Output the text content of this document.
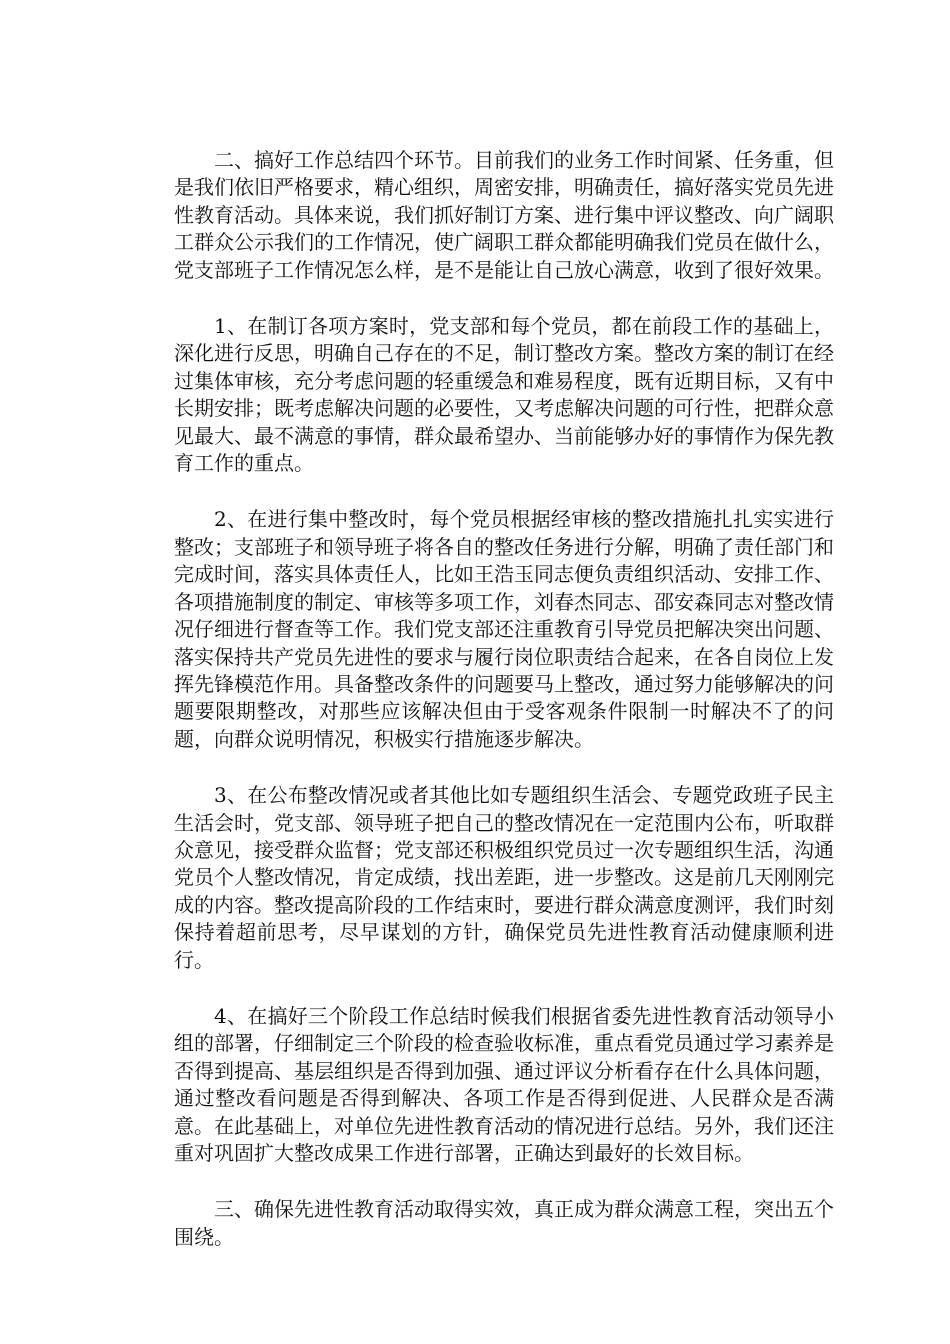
二、搞好工作总结四个环节。目前我们的业务工作时间紧、任务重，但是我们依旧严格要求，精心组织，周密安排，明确责任，搞好落实党员先进性教育活动。具体来说，我们抓好制订方案、进行集中评议整改、向广阔职工群众公示我们的工作情况，使广阔职工群众都能明确我们党员在做什么，党支部班子工作情况怎么样，是不是能让自己放心满意，收到了很好效果。

1、在制订各项方案时，党支部和每个党员，都在前段工作的基础上，深化进行反思，明确自己存在的不足，制订整改方案。整改方案的制订在经过集体审核，充分考虑问题的轻重缓急和难易程度，既有近期目标，又有中长期安排；既考虑解决问题的必要性，又考虑解决问题的可行性，把群众意见最大、最不满意的事情，群众最希望办、当前能够办好的事情作为保先教育工作的重点。

2、在进行集中整改时，每个党员根据经审核的整改措施扎扎实实进行整改；支部班子和领导班子将各自的整改任务进行分解，明确了责任部门和完成时间，落实具体责任人，比如王浩玉同志便负责组织活动、安排工作、各项措施制度的制定、审核等多项工作，刘春杰同志、邵安森同志对整改情况仔细进行督查等工作。我们党支部还注重教育引导党员把解决突出问题、落实保持共产党员先进性的要求与履行岗位职责结合起来，在各自岗位上发挥先锋模范作用。具备整改条件的问题要马上整改，通过努力能够解决的问题要限期整改，对那些应该解决但由于受客观条件限制一时解决不了的问题，向群众说明情况，积极实行措施逐步解决。

3、在公布整改情况或者其他比如专题组织生活会、专题党政班子民主生活会时，党支部、领导班子把自己的整改情况在一定范围内公布，听取群众意见，接受群众监督；党支部还积极组织党员过一次专题组织生活，沟通党员个人整改情况，肯定成绩，找出差距，进一步整改。这是前几天刚刚完成的内容。整改提高阶段的工作结束时，要进行群众满意度测评，我们时刻保持着超前思考，尽早谋划的方针，确保党员先进性教育活动健康顺利进行。

4、在搞好三个阶段工作总结时候我们根据省委先进性教育活动领导小组的部署，仔细制定三个阶段的检查验收标准，重点看党员通过学习素养是否得到提高、基层组织是否得到加强、通过评议分析看存在什么具体问题，通过整改看问题是否得到解决、各项工作是否得到促进、人民群众是否满意。在此基础上，对单位先进性教育活动的情况进行总结。另外，我们还注重对巩固扩大整改成果工作进行部署，正确达到最好的长效目标。

三、确保先进性教育活动取得实效，真正成为群众满意工程，突出五个围绕。
